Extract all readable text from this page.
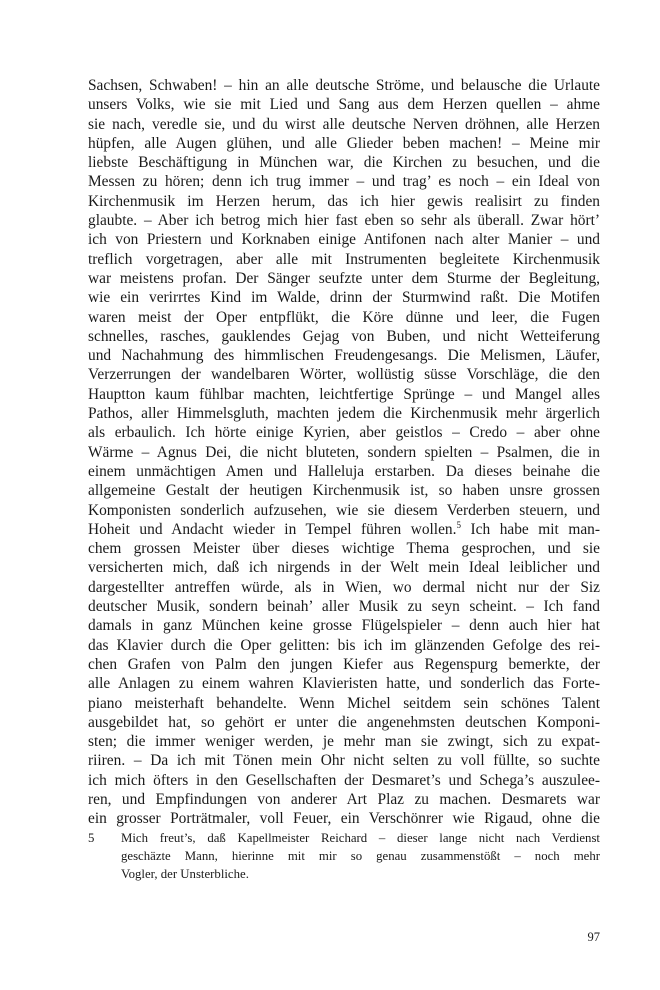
Sachsen, Schwaben! – hin an alle deutsche Ströme, und belausche die Urlaute
unsers Volks, wie sie mit Lied und Sang aus dem Herzen quellen – ahme
sie nach, veredle sie, und du wirst alle deutsche Nerven dröhnen, alle Herzen
hüpfen, alle Augen glühen, und alle Glieder beben machen! – Meine mir
liebste Beschäftigung in München war, die Kirchen zu besuchen, und die
Messen zu hören; denn ich trug immer – und trag’ es noch – ein Ideal von
Kirchenmusik im Herzen herum, das ich hier gewis realisirt zu finden
glaubte. – Aber ich betrog mich hier fast eben so sehr als überall. Zwar hört’
ich von Priestern und Korknaben einige Antifonen nach alter Manier – und
treflich vorgetragen, aber alle mit Instrumenten begleitete Kirchenmusik
war meistens profan. Der Sänger seufzte unter dem Sturme der Begleitung,
wie ein verirrtes Kind im Walde, drinn der Sturmwind raßt. Die Motifen
waren meist der Oper entpflükt, die Köre dünne und leer, die Fugen
schnelles, rasches, gauklendes Gejag von Buben, und nicht Wetteiferung
und Nachahmung des himmlischen Freudengesangs. Die Melismen, Läufer,
Verzerrungen der wandelbaren Wörter, wollüstig süsse Vorschläge, die den
Hauptton kaum fühlbar machten, leichtfertige Sprünge – und Mangel alles
Pathos, aller Himmelsgluth, machten jedem die Kirchenmusik mehr ärgerlich
als erbaulich. Ich hörte einige Kyrien, aber geistlos – Credo – aber ohne
Wärme – Agnus Dei, die nicht bluteten, sondern spielten – Psalmen, die in
einem unmächtigen Amen und Halleluja erstarben. Da dieses beinahe die
allgemeine Gestalt der heutigen Kirchenmusik ist, so haben unsre grossen
Komponisten sonderlich aufzusehen, wie sie diesem Verderben steuern, und
Hoheit und Andacht wieder in Tempel führen wollen.$^5$ Ich habe mit man-
chem grossen Meister über dieses wichtige Thema gesprochen, und sie
versicherten mich, daß ich nirgends in der Welt mein Ideal leiblicher und
dargestellter antreffen würde, als in Wien, wo dermal nicht nur der Siz
deutscher Musik, sondern beinah’ aller Musik zu seyn scheint. – Ich fand
damals in ganz München keine grosse Flügelspieler – denn auch hier hat
das Klavier durch die Oper gelitten: bis ich im glänzenden Gefolge des rei-
chen Grafen von Palm den jungen Kiefer aus Regenspurg bemerkte, der
alle Anlagen zu einem wahren Klavieristen hatte, und sonderlich das Forte-
piano meisterhaft behandelte. Wenn Michel seitdem sein schönes Talent
ausgebildet hat, so gehört er unter die angenehmsten deutschen Komponi-
sten; die immer weniger werden, je mehr man sie zwingt, sich zu expat-
riiren. – Da ich mit Tönen mein Ohr nicht selten zu voll füllte, so suchte
ich mich öfters in den Gesellschaften der Desmaret’s und Schega’s auszulee-
ren, und Empfindungen von anderer Art Plaz zu machen. Desmarets war
ein grosser Porträtmaler, voll Feuer, ein Verschönrer wie Rigaud, ohne die
5 Mich freut’s, daß Kapellmeister Reichard – dieser lange nicht nach Verdienst
geschäzte Mann, hierinne mit mir so genau zusammenstößt – noch mehr
Vogler, der Unsterbliche.
97
